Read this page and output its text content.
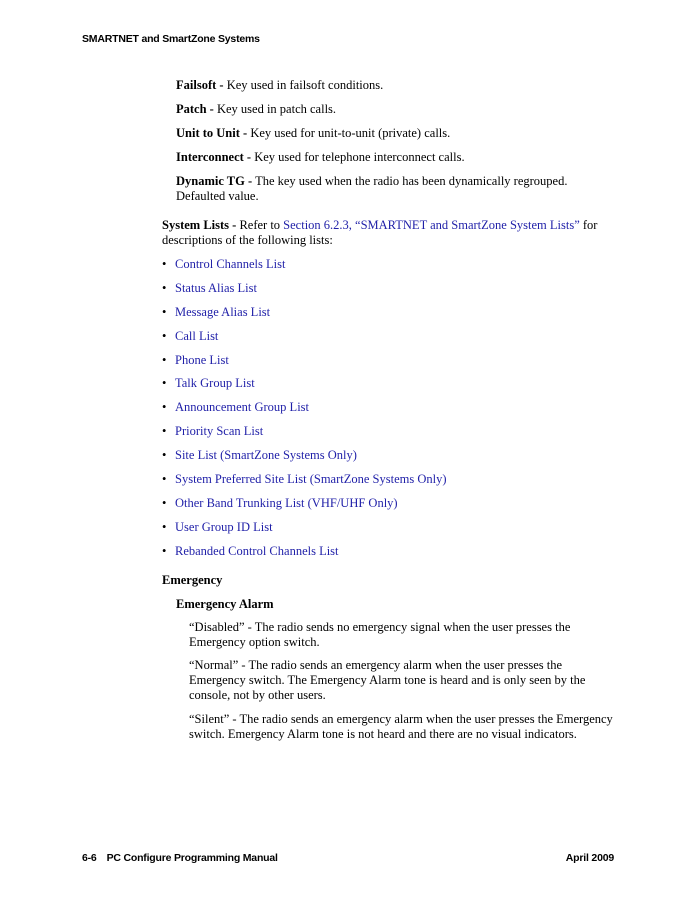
SMARTNET and SmartZone Systems

Failsoft - Key used in failsoft conditions.

Patch - Key used in patch calls.

Unit to Unit - Key used for unit-to-unit (private) calls.

Interconnect - Key used for telephone interconnect calls.

Dynamic TG - The key used when the radio has been dynamically regrouped.
Defaulted value.

System Lists - Refer to Section 6.2.3, “SMARTNET and SmartZone System Lists” for
descriptions of the following lists:

• Control Channels List
• Status Alias List
• Message Alias List
• Call List
• Phone List
• Talk Group List
• Announcement Group List
• Priority Scan List
• Site List (SmartZone Systems Only)
• System Preferred Site List (SmartZone Systems Only)
• Other Band Trunking List (VHF/UHF Only)
• User Group ID List
• Rebanded Control Channels List

Emergency

Emergency Alarm

“Disabled” - The radio sends no emergency signal when the user presses the
Emergency option switch.

“Normal” - The radio sends an emergency alarm when the user presses the
Emergency switch. The Emergency Alarm tone is heard and is only seen by the
console, not by other users.

“Silent” - The radio sends an emergency alarm when the user presses the Emergency
switch. Emergency Alarm tone is not heard and there are no visual indicators.

6-6 PC Configure Programming Manual	April 2009
